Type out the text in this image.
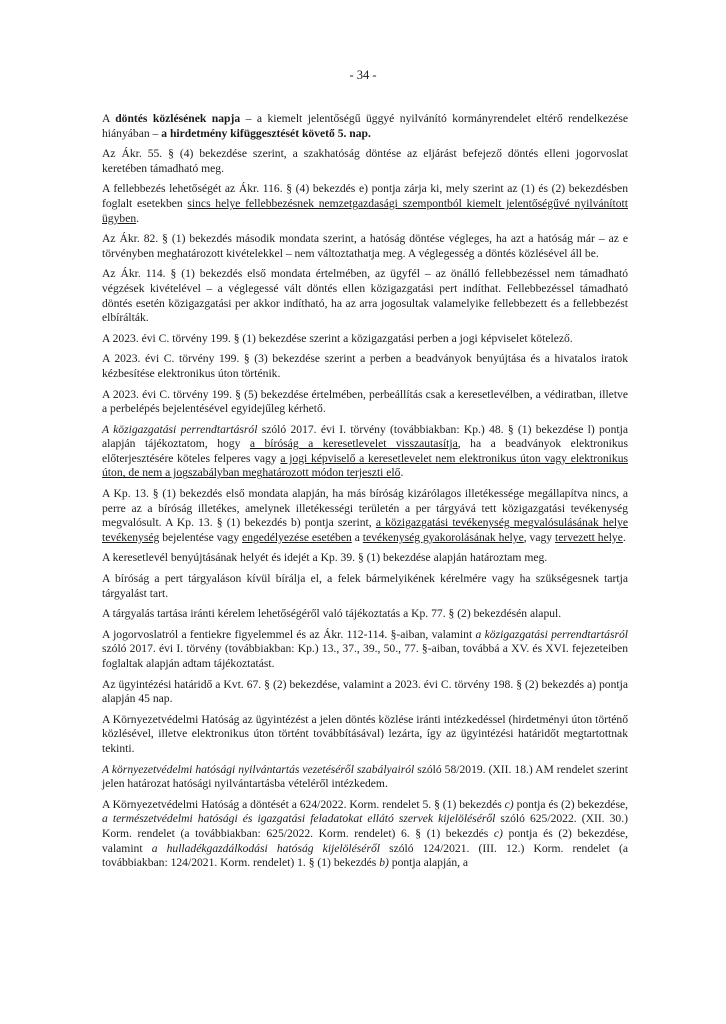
- 34 -

A döntés közlésének napja – a kiemelt jelentőségű üggyé nyilvánító kormányrendelet eltérő rendelkezése hiányában – a hirdetmény kifüggesztését követő 5. nap.

Az Ákr. 55. § (4) bekezdése szerint, a szakhatóság döntése az eljárást befejező döntés elleni jogorvoslat keretében támadható meg.

A fellebbezés lehetőségét az Ákr. 116. § (4) bekezdés e) pontja zárja ki, mely szerint az (1) és (2) bekezdésben foglalt esetekben sincs helye fellebbezésnek nemzetgazdasági szempontból kiemelt jelentőségűvé nyilvánított ügyben.

Az Ákr. 82. § (1) bekezdés második mondata szerint, a hatóság döntése végleges, ha azt a hatóság már – az e törvényben meghatározott kivételekkel – nem változtathatja meg. A véglegesség a döntés közlésével áll be.

Az Ákr. 114. § (1) bekezdés első mondata értelmében, az ügyfél – az önálló fellebbezéssel nem támadható végzések kivételével – a véglegessé vált döntés ellen közigazgatási pert indíthat. Fellebbezéssel támadható döntés esetén közigazgatási per akkor indítható, ha az arra jogosultak valamelyike fellebbezett és a fellebbezést elbírálták.

A 2023. évi C. törvény 199. § (1) bekezdése szerint a közigazgatási perben a jogi képviselet kötelező.

A 2023. évi C. törvény 199. § (3) bekezdése szerint a perben a beadványok benyújtása és a hivatalos iratok kézbesítése elektronikus úton történik.

A 2023. évi C. törvény 199. § (5) bekezdése értelmében, perbeállítás csak a keresetlevélben, a védiratban, illetve a perbelépés bejelentésével egyidejűleg kérhető.

A közigazgatási perrendtartásról szóló 2017. évi I. törvény (továbbiakban: Kp.) 48. § (1) bekezdése l) pontja alapján tájékoztatom, hogy a bíróság a keresetlevelet visszautasítja, ha a beadványok elektronikus előterjesztésére köteles felperes vagy a jogi képviselő a keresetlevelet nem elektronikus úton vagy elektronikus úton, de nem a jogszabályban meghatározott módon terjeszti elő.

A Kp. 13. § (1) bekezdés első mondata alapján, ha más bíróság kizárólagos illetékessége megállapítva nincs, a perre az a bíróság illetékes, amelynek illetékességi területén a per tárgyává tett közigazgatási tevékenység megvalósult. A Kp. 13. § (1) bekezdés b) pontja szerint, a közigazgatási tevékenység megvalósulásának helye tevékenység bejelentése vagy engedélyezése esetében a tevékenység gyakorolásának helye, vagy tervezett helye.

A keresetlevél benyújtásának helyét és idejét a Kp. 39. § (1) bekezdése alapján határoztam meg.

A bíróság a pert tárgyaláson kívül bírálja el, a felek bármelyikének kérelmére vagy ha szükségesnek tartja tárgyalást tart.

A tárgyalás tartása iránti kérelem lehetőségéről való tájékoztatás a Kp. 77. § (2) bekezdésén alapul.

A jogorvoslatról a fentiekre figyelemmel és az Ákr. 112-114. §-aiban, valamint a közigazgatási perrendtartásról szóló 2017. évi I. törvény (továbbiakban: Kp.) 13., 37., 39., 50., 77. §-aiban, továbbá a XV. és XVI. fejezeteiben foglaltak alapján adtam tájékoztatást.

Az ügyintézési határidő a Kvt. 67. § (2) bekezdése, valamint a 2023. évi C. törvény 198. § (2) bekezdés a) pontja alapján 45 nap.

A Környezetvédelmi Hatóság az ügyintézést a jelen döntés közlése iránti intézkedéssel (hirdetményi úton történő közlésével, illetve elektronikus úton történt továbbításával) lezárta, így az ügyintézési határidőt megtartottnak tekinti.

A környezetvédelmi hatósági nyilvántartás vezetéséről szabályairól szóló 58/2019. (XII. 18.) AM rendelet szerint jelen határozat hatósági nyilvántartásba vételéről intézkedem.

A Környezetvédelmi Hatóság a döntését a 624/2022. Korm. rendelet 5. § (1) bekezdés c) pontja és (2) bekezdése, a természetvédelmi hatósági és igazgatási feladatokat ellátó szervek kijelöléséről szóló 625/2022. (XII. 30.) Korm. rendelet (a továbbiakban: 625/2022. Korm. rendelet) 6. § (1) bekezdés c) pontja és (2) bekezdése, valamint a hulladékgazdálkodási hatóság kijelöléséről szóló 124/2021. (III. 12.) Korm. rendelet (a továbbiakban: 124/2021. Korm. rendelet) 1. § (1) bekezdés b) pontja alapján, a
